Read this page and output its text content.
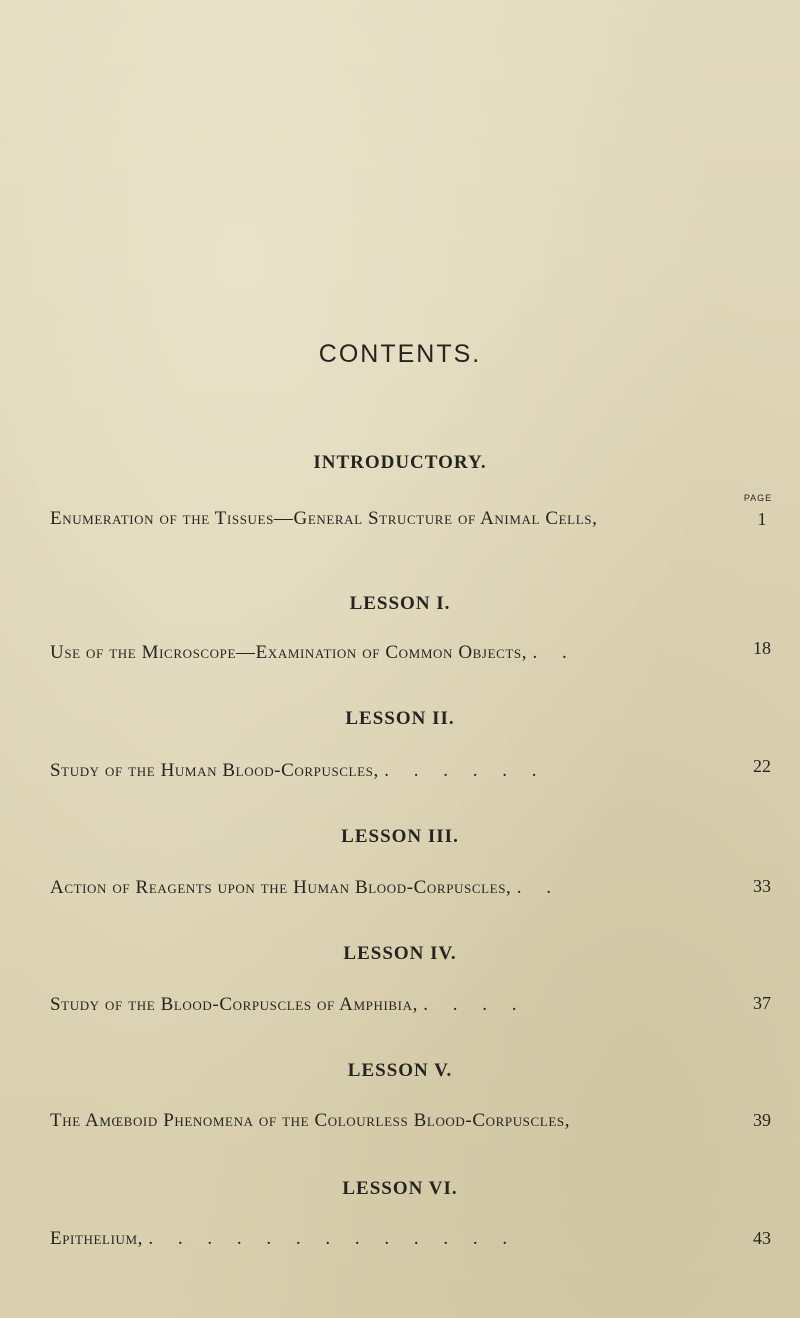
CONTENTS.
INTRODUCTORY.
PAGE
Enumeration of the Tissues—General Structure of Animal Cells,	1
LESSON I.
Use of the Microscope—Examination of Common Objects, . .	18
LESSON II.
Study of the Human Blood-Corpuscles, . . . . . .	22
LESSON III.
Action of Reagents upon the Human Blood-Corpuscles, . .	33
LESSON IV.
Study of the Blood-Corpuscles of Amphibia, . . . .	37
LESSON V.
The Amœboid Phenomena of the Colourless Blood-Corpuscles,	39
LESSON VI.
Epithelium, . . . . . . . . . . . . .	43
